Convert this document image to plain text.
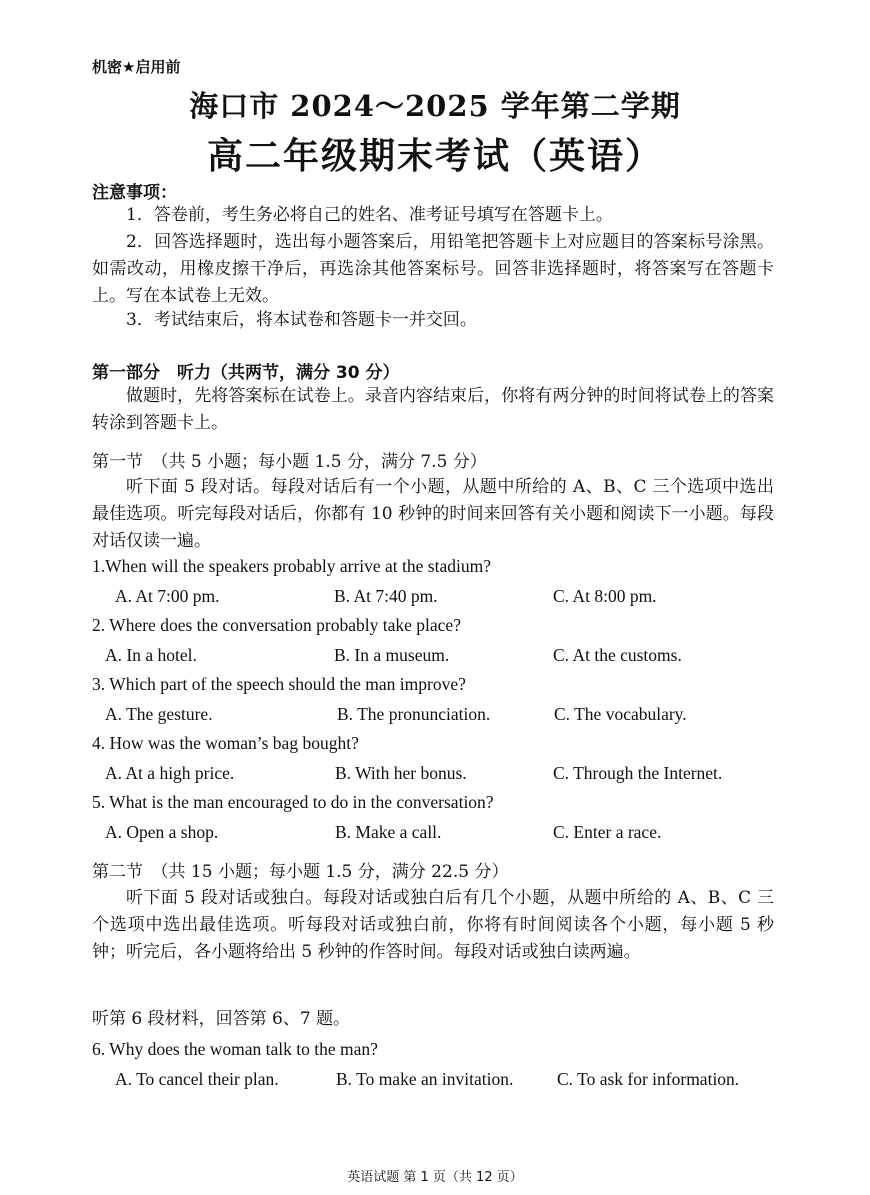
机密★启用前
海口市 2024～2025 学年第二学期
高二年级期末考试（英语）
注意事项：
1．答卷前，考生务必将自己的姓名、准考证号填写在答题卡上。
2．回答选择题时，选出每小题答案后，用铅笔把答题卡上对应题目的答案标号涂黑。如需改动，用橡皮擦干净后，再选涂其他答案标号。回答非选择题时，将答案写在答题卡上。写在本试卷上无效。
3．考试结束后，将本试卷和答题卡一并交回。
第一部分　听力（共两节，满分 30 分）
做题时，先将答案标在试卷上。录音内容结束后，你将有两分钟的时间将试卷上的答案转涂到答题卡上。
第一节　（共 5 小题；每小题 1.5 分，满分 7.5 分）
听下面 5 段对话。每段对话后有一个小题，从题中所给的 A、B、C 三个选项中选出最佳选项。听完每段对话后，你都有 10 秒钟的时间来回答有关小题和阅读下一小题。每段对话仅读一遍。
1.When will the speakers probably arrive at the stadium?
A. At 7:00 pm.	B. At 7:40 pm.	C. At 8:00 pm.
2. Where does the conversation probably take place?
A. In a hotel.	B. In a museum.	C. At the customs.
3. Which part of the speech should the man improve?
A. The gesture.	B. The pronunciation.	C. The vocabulary.
4. How was the woman’s bag bought?
A. At a high price.	B. With her bonus.	C. Through the Internet.
5. What is the man encouraged to do in the conversation?
A. Open a shop.	B. Make a call.	C. Enter a race.
第二节　（共 15 小题；每小题 1.5 分，满分 22.5 分）
听下面 5 段对话或独白。每段对话或独白后有几个小题，从题中所给的 A、B、C 三个选项中选出最佳选项。听每段对话或独白前，你将有时间阅读各个小题，每小题 5 秒钟；听完后，各小题将给出 5 秒钟的作答时间。每段对话或独白读两遍。
听第 6 段材料，回答第 6、7 题。
6. Why does the woman talk to the man?
A. To cancel their plan.	B. To make an invitation. C. To ask for information.
英语试题 第 1 页（共 12 页）
